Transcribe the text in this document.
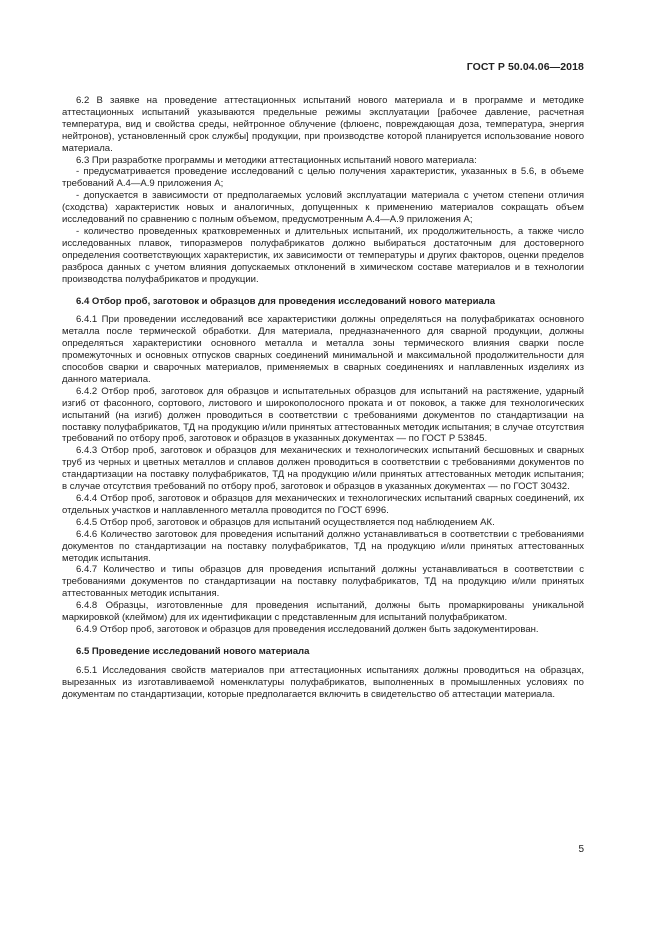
ГОСТ Р 50.04.06—2018

6.2 В заявке на проведение аттестационных испытаний нового материала и в программе и методике аттестационных испытаний указываются предельные режимы эксплуатации [рабочее давление, расчетная температура, вид и свойства среды, нейтронное облучение (флюенс, повреждающая доза, температура, энергия нейтронов), установленный срок службы] продукции, при производстве которой планируется использование нового материала.

6.3 При разработке программы и методики аттестационных испытаний нового материала:

- предусматривается проведение исследований с целью получения характеристик, указанных в 5.6, в объеме требований А.4—А.9 приложения А;

- допускается в зависимости от предполагаемых условий эксплуатации материала с учетом степени отличия (сходства) характеристик новых и аналогичных, допущенных к применению материалов сокращать объем исследований по сравнению с полным объемом, предусмотренным А.4—А.9 приложения А;

- количество проведенных кратковременных и длительных испытаний, их продолжительность, а также число исследованных плавок, типоразмеров полуфабрикатов должно выбираться достаточным для достоверного определения соответствующих характеристик, их зависимости от температуры и других факторов, оценки пределов разброса данных с учетом влияния допускаемых отклонений в химическом составе материалов и в технологии производства полуфабрикатов и продукции.

6.4 Отбор проб, заготовок и образцов для проведения исследований нового материала

6.4.1 При проведении исследований все характеристики должны определяться на полуфабрикатах основного металла после термической обработки. Для материала, предназначенного для сварной продукции, должны определяться характеристики основного металла и металла зоны термического влияния сварки после промежуточных и основных отпусков сварных соединений минимальной и максимальной продолжительности для способов сварки и сварочных материалов, применяемых в сварных соединениях и наплавленных изделиях из данного материала.

6.4.2 Отбор проб, заготовок для образцов и испытательных образцов для испытаний на растяжение, ударный изгиб от фасонного, сортового, листового и широкополосного проката и от поковок, а также для технологических испытаний (на изгиб) должен проводиться в соответствии с требованиями документов по стандартизации на поставку полуфабрикатов, ТД на продукцию и/или принятых аттестованных методик испытания; в случае отсутствия требований по отбору проб, заготовок и образцов в указанных документах — по ГОСТ Р 53845.

6.4.3 Отбор проб, заготовок и образцов для механических и технологических испытаний бесшовных и сварных труб из черных и цветных металлов и сплавов должен проводиться в соответствии с требованиями документов по стандартизации на поставку полуфабрикатов, ТД на продукцию и/или принятых аттестованных методик испытания; в случае отсутствия требований по отбору проб, заготовок и образцов в указанных документах — по ГОСТ 30432.

6.4.4 Отбор проб, заготовок и образцов для механических и технологических испытаний сварных соединений, их отдельных участков и наплавленного металла проводится по ГОСТ 6996.

6.4.5 Отбор проб, заготовок и образцов для испытаний осуществляется под наблюдением АК.

6.4.6 Количество заготовок для проведения испытаний должно устанавливаться в соответствии с требованиями документов по стандартизации на поставку полуфабрикатов, ТД на продукцию и/или принятых аттестованных методик испытания.

6.4.7 Количество и типы образцов для проведения испытаний должны устанавливаться в соответствии с требованиями документов по стандартизации на поставку полуфабрикатов, ТД на продукцию и/или принятых аттестованных методик испытания.

6.4.8 Образцы, изготовленные для проведения испытаний, должны быть промаркированы уникальной маркировкой (клеймом) для их идентификации с представленным для испытаний полуфабрикатом.

6.4.9 Отбор проб, заготовок и образцов для проведения исследований должен быть задокументирован.

6.5 Проведение исследований нового материала

6.5.1 Исследования свойств материалов при аттестационных испытаниях должны проводиться на образцах, вырезанных из изготавливаемой номенклатуры полуфабрикатов, выполненных в промышленных условиях по документам по стандартизации, которые предполагается включить в свидетельство об аттестации материала.

5
